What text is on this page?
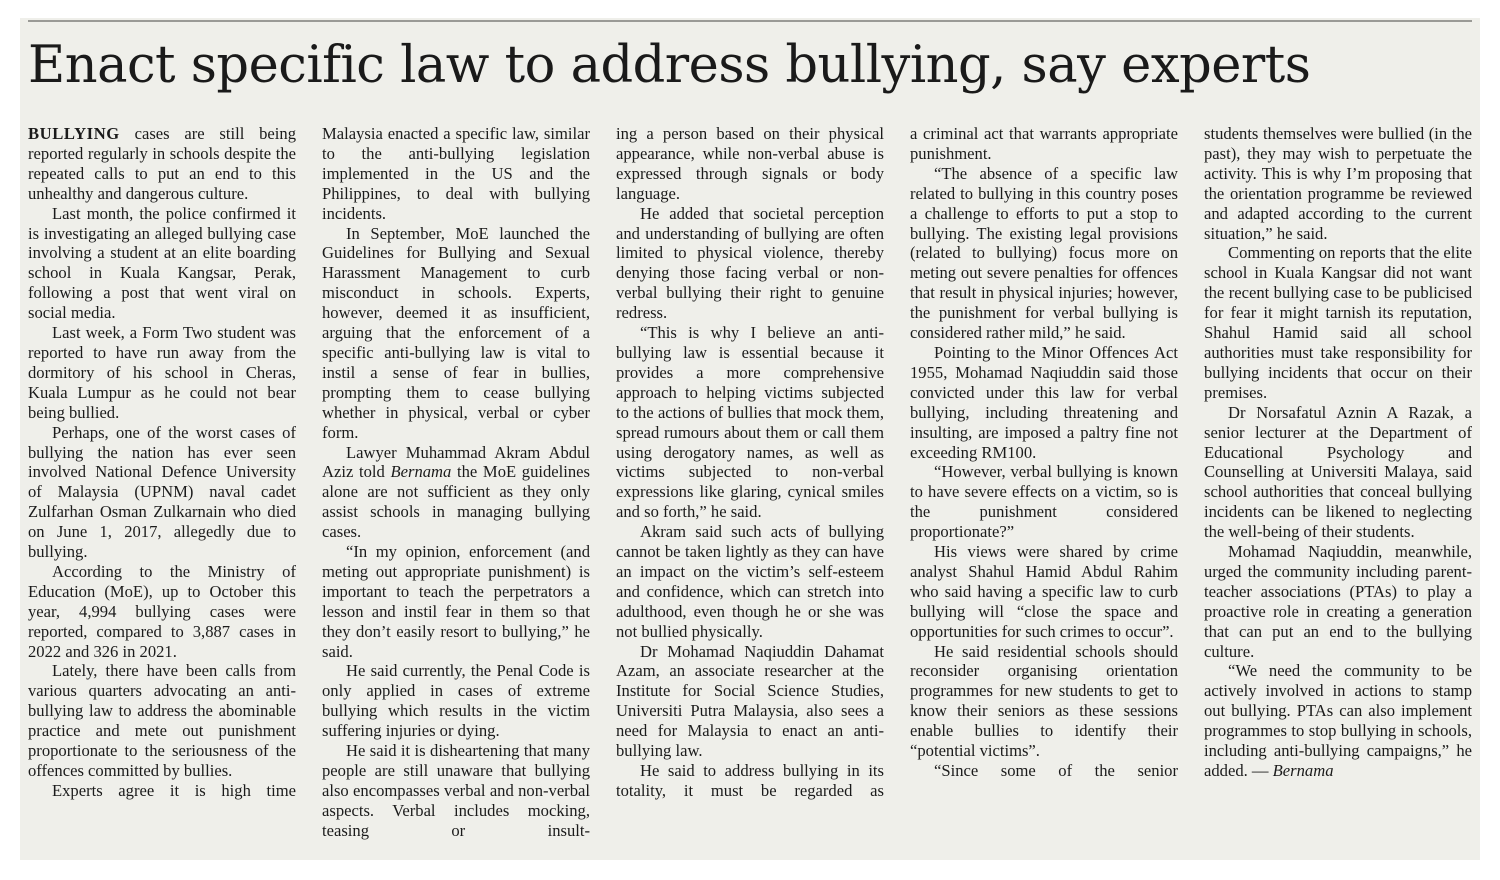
Enact specific law to address bullying, say experts

BULLYING cases are still being reported regularly in schools despite the repeated calls to put an end to this unhealthy and dangerous culture.

Last month, the police confirmed it is investigating an alleged bullying case involving a student at an elite boarding school in Kuala Kangsar, Perak, following a post that went viral on social media.

Last week, a Form Two student was reported to have run away from the dormitory of his school in Cheras, Kuala Lumpur as he could not bear being bullied.

Perhaps, one of the worst cases of bullying the nation has ever seen involved National Defence University of Malaysia (UPNM) naval cadet Zulfarhan Osman Zulkarnain who died on June 1, 2017, allegedly due to bullying.

According to the Ministry of Education (MoE), up to October this year, 4,994 bullying cases were reported, compared to 3,887 cases in 2022 and 326 in 2021.

Lately, there have been calls from various quarters advocating an anti-bullying law to address the abominable practice and mete out punishment proportionate to the seriousness of the offences committed by bullies.

Experts agree it is high time

Malaysia enacted a specific law, similar to the anti-bullying legislation implemented in the US and the Philippines, to deal with bullying incidents.

In September, MoE launched the Guidelines for Bullying and Sexual Harassment Management to curb misconduct in schools. Experts, however, deemed it as insufficient, arguing that the enforcement of a specific anti-bullying law is vital to instil a sense of fear in bullies, prompting them to cease bullying whether in physical, verbal or cyber form.

Lawyer Muhammad Akram Abdul Aziz told Bernama the MoE guidelines alone are not sufficient as they only assist schools in managing bullying cases.

“In my opinion, enforcement (and meting out appropriate punishment) is important to teach the perpetrators a lesson and instil fear in them so that they don’t easily resort to bullying,” he said.

He said currently, the Penal Code is only applied in cases of extreme bullying which results in the victim suffering injuries or dying.

He said it is disheartening that many people are still unaware that bullying also encompasses verbal and non-verbal aspects. Verbal includes mocking, teasing or insult-

ing a person based on their physical appearance, while non-verbal abuse is expressed through signals or body language.

He added that societal perception and understanding of bullying are often limited to physical violence, thereby denying those facing verbal or non-verbal bullying their right to genuine redress.

“This is why I believe an anti-bullying law is essential because it provides a more comprehensive approach to helping victims subjected to the actions of bullies that mock them, spread rumours about them or call them using derogatory names, as well as victims subjected to non-verbal expressions like glaring, cynical smiles and so forth,” he said.

Akram said such acts of bullying cannot be taken lightly as they can have an impact on the victim’s self-esteem and confidence, which can stretch into adulthood, even though he or she was not bullied physically.

Dr Mohamad Naqiuddin Dahamat Azam, an associate researcher at the Institute for Social Science Studies, Universiti Putra Malaysia, also sees a need for Malaysia to enact an anti-bullying law.

He said to address bullying in its totality, it must be regarded as

a criminal act that warrants appropriate punishment.

“The absence of a specific law related to bullying in this country poses a challenge to efforts to put a stop to bullying. The existing legal provisions (related to bullying) focus more on meting out severe penalties for offences that result in physical injuries; however, the punishment for verbal bullying is considered rather mild,” he said.

Pointing to the Minor Offences Act 1955, Mohamad Naqiuddin said those convicted under this law for verbal bullying, including threatening and insulting, are imposed a paltry fine not exceeding RM100.

“However, verbal bullying is known to have severe effects on a victim, so is the punishment considered proportionate?”

His views were shared by crime analyst Shahul Hamid Abdul Rahim who said having a specific law to curb bullying will “close the space and opportunities for such crimes to occur”.

He said residential schools should reconsider organising orientation programmes for new students to get to know their seniors as these sessions enable bullies to identify their “potential victims”.

“Since some of the senior

students themselves were bullied (in the past), they may wish to perpetuate the activity. This is why I’m proposing that the orientation programme be reviewed and adapted according to the current situation,” he said.

Commenting on reports that the elite school in Kuala Kangsar did not want the recent bullying case to be publicised for fear it might tarnish its reputation, Shahul Hamid said all school authorities must take responsibility for bullying incidents that occur on their premises.

Dr Norsafatul Aznin A Razak, a senior lecturer at the Department of Educational Psychology and Counselling at Universiti Malaya, said school authorities that conceal bullying incidents can be likened to neglecting the well-being of their students.

Mohamad Naqiuddin, meanwhile, urged the community including parent-teacher associations (PTAs) to play a proactive role in creating a generation that can put an end to the bullying culture.

“We need the community to be actively involved in actions to stamp out bullying. PTAs can also implement programmes to stop bullying in schools, including anti-bullying campaigns,” he added. — Bernama
